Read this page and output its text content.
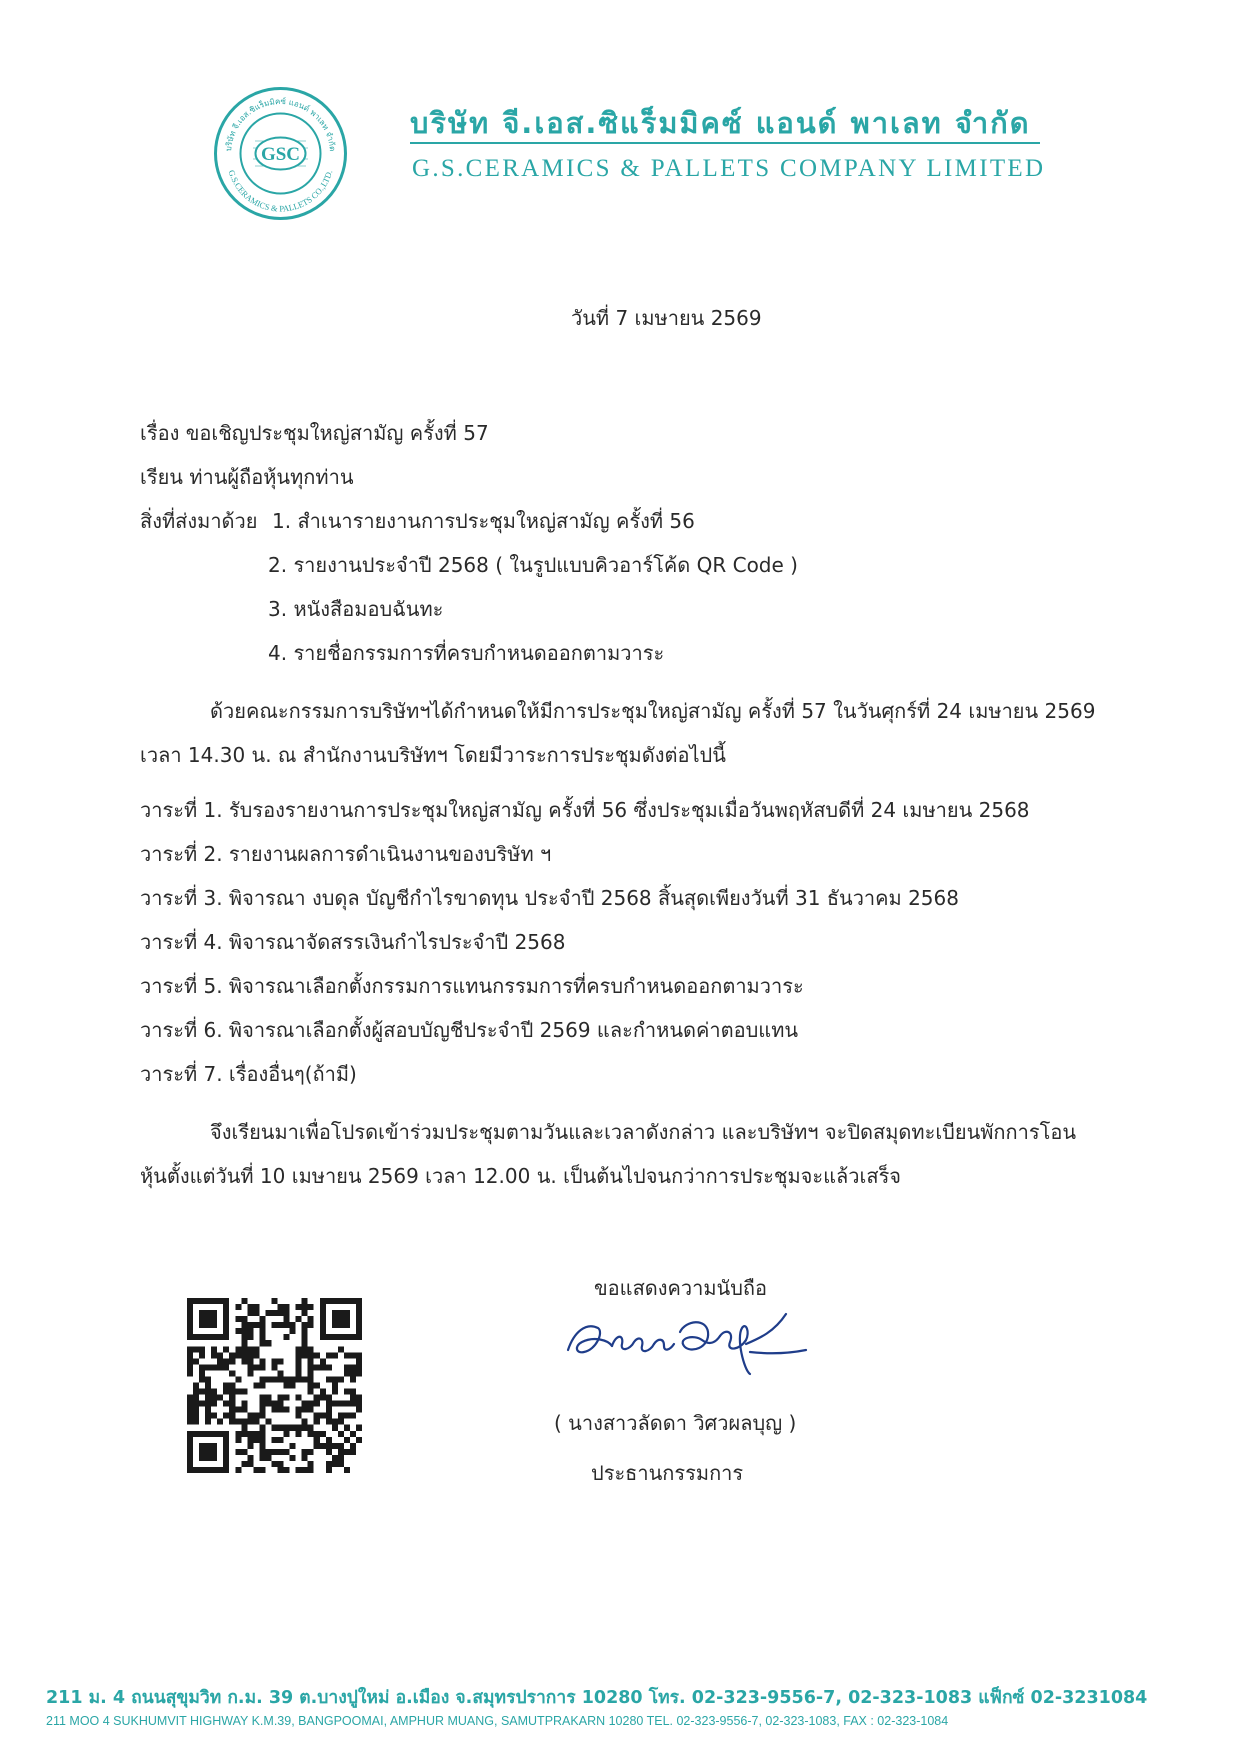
GSC
บริษัท จี.เอส.ซิแร็มมิคซ์ แอนด์ พาเลท จำกัด
G.S.CERAMICS & PALLETS CO.,LTD.
บริษัท จี.เอส.ซิแร็มมิคซ์ แอนด์ พาเลท จำกัด
G.S.CERAMICS & PALLETS COMPANY LIMITED
วันที่ 7 เมษายน 2569
เรื่อง ขอเชิญประชุมใหญ่สามัญ ครั้งที่ 57
เรียน ท่านผู้ถือหุ้นทุกท่าน
สิ่งที่ส่งมาด้วย 1. สำเนารายงานการประชุมใหญ่สามัญ ครั้งที่ 56
2. รายงานประจำปี 2568 ( ในรูปแบบคิวอาร์โค้ด QR Code )
3. หนังสือมอบฉันทะ
4. รายชื่อกรรมการที่ครบกำหนดออกตามวาระ
ด้วยคณะกรรมการบริษัทฯได้กำหนดให้มีการประชุมใหญ่สามัญ ครั้งที่ 57 ในวันศุกร์ที่ 24 เมษายน 2569
เวลา 14.30 น. ณ สำนักงานบริษัทฯ โดยมีวาระการประชุมดังต่อไปนี้
วาระที่ 1. รับรองรายงานการประชุมใหญ่สามัญ ครั้งที่ 56 ซึ่งประชุมเมื่อวันพฤหัสบดีที่ 24 เมษายน 2568
วาระที่ 2. รายงานผลการดำเนินงานของบริษัท ฯ
วาระที่ 3. พิจารณา งบดุล บัญชีกำไรขาดทุน ประจำปี 2568 สิ้นสุดเพียงวันที่ 31 ธันวาคม 2568
วาระที่ 4. พิจารณาจัดสรรเงินกำไรประจำปี 2568
วาระที่ 5. พิจารณาเลือกตั้งกรรมการแทนกรรมการที่ครบกำหนดออกตามวาระ
วาระที่ 6. พิจารณาเลือกตั้งผู้สอบบัญชีประจำปี 2569 และกำหนดค่าตอบแทน
วาระที่ 7. เรื่องอื่นๆ(ถ้ามี)
จึงเรียนมาเพื่อโปรดเข้าร่วมประชุมตามวันและเวลาดังกล่าว และบริษัทฯ จะปิดสมุดทะเบียนพักการโอน
หุ้นตั้งแต่วันที่ 10 เมษายน 2569 เวลา 12.00 น. เป็นต้นไปจนกว่าการประชุมจะแล้วเสร็จ
ขอแสดงความนับถือ
( นางสาวลัดดา วิศวผลบุญ )
ประธานกรรมการ
211 ม. 4 ถนนสุขุมวิท ก.ม. 39 ต.บางปูใหม่ อ.เมือง จ.สมุทรปราการ 10280 โทร. 02-323-9556-7, 02-323-1083 แฟ็กซ์ 02-3231084
211 MOO 4 SUKHUMVIT HIGHWAY K.M.39, BANGPOOMAI, AMPHUR MUANG, SAMUTPRAKARN 10280 TEL. 02-323-9556-7, 02-323-1083, FAX : 02-323-1084
